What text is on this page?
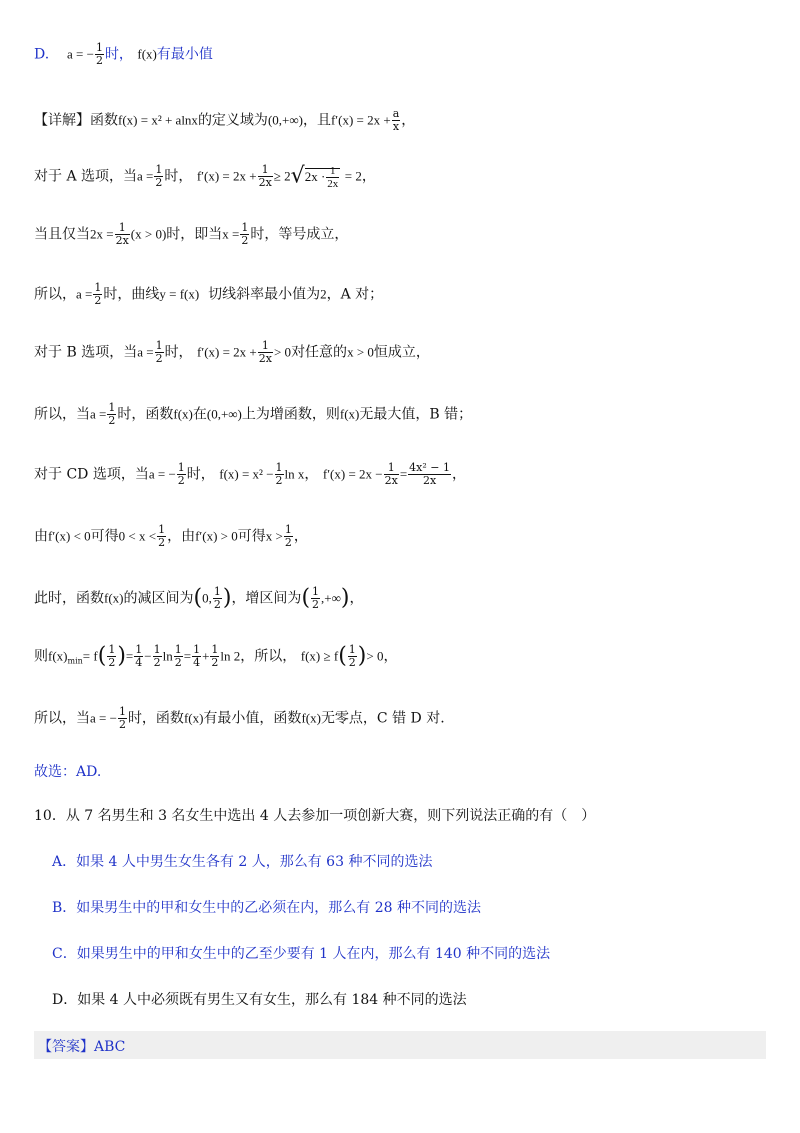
D. a = − $\frac{1}{2}$ 时， f(x)有最小值
【详解】函数f(x) = x² + alnx的定义域为(0,+∞)，且$f'(x) = 2x + \frac{a}{x}$ ，
对于 A 选项，当$a = \frac{1}{2}$ 时， $f'(x) = 2x + \frac{1}{2x} \ge 2√2x \cdot \frac{1}{2x} = 2$，
当且仅当$2x = \frac{1}{2x} (x > 0)$时，即当$x = \frac{1}{2}$ 时，等号成立，
所以，$a = \frac{1}{2}$ 时，曲线y = f(x) 切线斜率最小值为2，A 对；
对于 B 选项，当$a = \frac{1}{2}$ 时， $f'(x) = 2x + \frac{1}{2x} > 0$对任意的x > 0恒成立，
所以，当$a = \frac{1}{2}$ 时，函数f(x)在(0,+∞)上为增函数，则f(x)无最大值，B 错；
对于 CD 选项，当a = − $\frac{1}{2}$ 时， $f(x) = x^2 - \frac{1}{2}$ ln x， $f'(x) = 2x - \frac{1}{2x} = \frac{\text{4x² − 1}}{2x}$ ，
由f′(x) < 0可得$0 < x < \frac{1}{2}$ ，由f′(x) > 0可得$x > \frac{1}{2}$ ，
此时，函数f(x)的减区间为(0, $\frac{1}{2}$ )，增区间为( $\frac{1}{2}$ ,+∞)，
则$f(x)_{min}= f( \frac{1}{2}$ )= $\frac{1}{4} - \frac{1}{2}$ $\ln \frac{1}{2} = \frac{1}{4} + \frac{1}{2}$ ln 2，所以， $f(x) \ge f( \frac{1}{2}$ )> 0，
所以，当a = − $\frac{1}{2}$ 时，函数f(x)有最小值，函数f(x)无零点，C 错 D 对.
故选：AD.
10．从 7 名男生和 3 名女生中选出 4 人去参加一项创新大赛，则下列说法正确的有（　）
A．如果 4 人中男生女生各有 2 人，那么有 63 种不同的选法
B．如果男生中的甲和女生中的乙必须在内，那么有 28 种不同的选法
C．如果男生中的甲和女生中的乙至少要有 1 人在内，那么有 140 种不同的选法
D．如果 4 人中必须既有男生又有女生，那么有 184 种不同的选法
【答案】ABC
